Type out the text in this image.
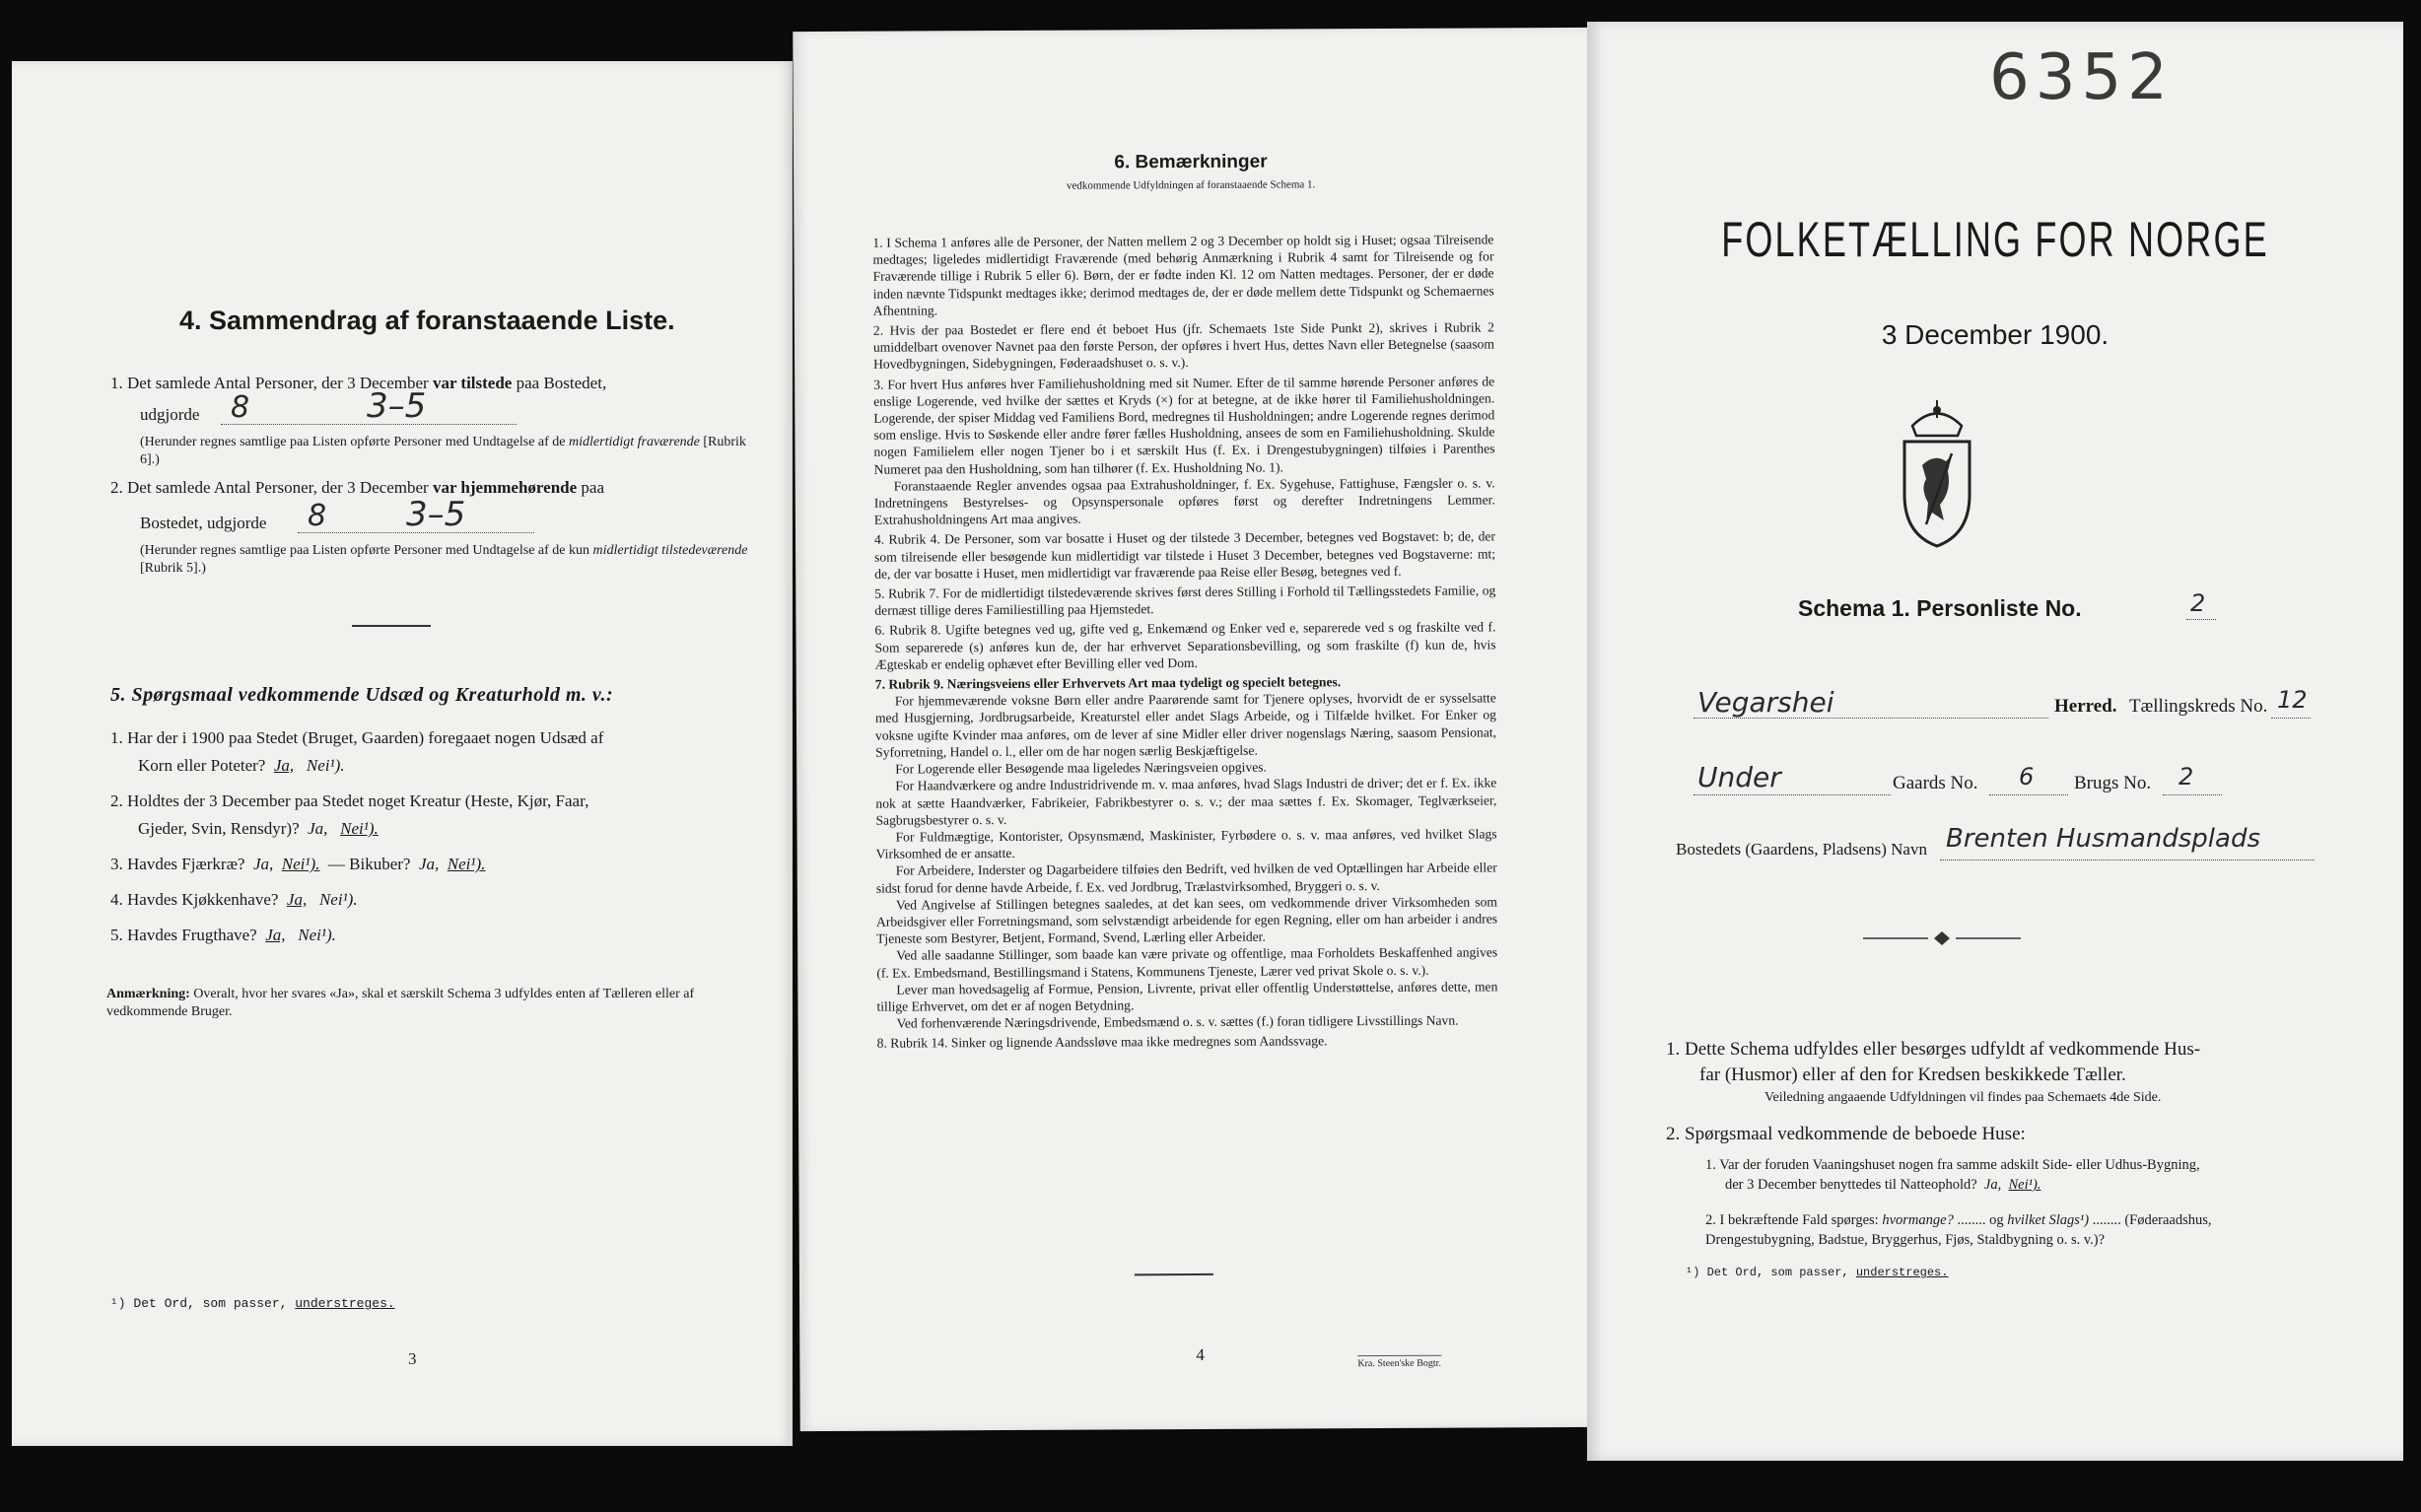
4. Sammendrag af foranstaaende Liste.
1. Det samlede Antal Personer, der 3 December var tilstede paa Bostedet,
udgjorde 8	3–5
(Herunder regnes samtlige paa Listen opførte Personer med Undtagelse af de midlertidigt fraværende [Rubrik 6].)
2. Det samlede Antal Personer, der 3 December var hjemmehørende paa
Bostedet, udgjorde 8 3–5
(Herunder regnes samtlige paa Listen opførte Personer med Undtagelse af de kun midlertidigt tilstedeværende [Rubrik 5].)
5. Spørgsmaal vedkommende Udsæd og Kreaturhold m. v.:
1. Har der i 1900 paa Stedet (Bruget, Gaarden) foregaaet nogen Udsæd af
Korn eller Poteter? Ja, Nei¹).
2. Holdtes der 3 December paa Stedet noget Kreatur (Heste, Kjør, Faar,
Gjeder, Svin, Rensdyr)? Ja, Nei¹).
3. Havdes Fjærkræ? Ja, Nei¹). — Bikuber? Ja, Nei¹).
4. Havdes Kjøkkenhave? Ja, Nei¹).
5. Havdes Frugthave? Ja, Nei¹).
Anmærkning: Overalt, hvor her svares «Ja», skal et særskilt Schema 3 udfyldes enten af Tælleren eller af vedkommende Bruger.
¹) Det Ord, som passer, understreges.
3
6. Bemærkninger
vedkommende Udfyldningen af foranstaaende Schema 1.

1. I Schema 1 anføres alle de Personer, der Natten mellem 2 og 3 December op holdt sig i Huset; ogsaa Tilreisende medtages; ligeledes midlertidigt Fraværende (med behørig Anmærkning i Rubrik 4 samt for Tilreisende og for Fraværende tillige i Rubrik 5 eller 6). Børn, der er fødte inden Kl. 12 om Natten medtages. Personer, der er døde inden nævnte Tidspunkt medtages ikke; derimod medtages de, der er døde mellem dette Tidspunkt og Schemaernes Afhentning.

2. Hvis der paa Bostedet er flere end ét beboet Hus (jfr. Schemaets 1ste Side Punkt 2), skrives i Rubrik 2 umiddelbart ovenover Navnet paa den første Person, der opføres i hvert Hus, dettes Navn eller Betegnelse (saasom Hovedbygningen, Sidebygningen, Føderaadshuset o. s. v.).

3. For hvert Hus anføres hver Familiehusholdning med sit Numer. Efter de til samme hørende Personer anføres de enslige Logerende, ved hvilke der sættes et Kryds (×) for at betegne, at de ikke hører til Familiehusholdningen. Logerende, der spiser Middag ved Familiens Bord, medregnes til Husholdningen; andre Logerende regnes derimod som enslige. Hvis to Søskende eller andre fører fælles Husholdning, ansees de som en Familiehusholdning. Skulde nogen Familielem eller nogen Tjener bo i et særskilt Hus (f. Ex. i Drengestubygningen) tilføies i Parenthes Numeret paa den Husholdning, som han tilhører (f. Ex. Husholdning No. 1).

Foranstaaende Regler anvendes ogsaa paa Extrahusholdninger, f. Ex. Sygehuse, Fattighuse, Fængsler o. s. v. Indretningens Bestyrelses- og Opsynspersonale opføres først og derefter Indretningens Lemmer. Extrahusholdningens Art maa angives.

4. Rubrik 4. De Personer, som var bosatte i Huset og der tilstede 3 December, betegnes ved Bogstavet: b; de, der som tilreisende eller besøgende kun midlertidigt var tilstede i Huset 3 December, betegnes ved Bogstaverne: mt; de, der var bosatte i Huset, men midlertidigt var fraværende paa Reise eller Besøg, betegnes ved f.

5. Rubrik 7. For de midlertidigt tilstedeværende skrives først deres Stilling i Forhold til Tællingsstedets Familie, og dernæst tillige deres Familiestilling paa Hjemstedet.

6. Rubrik 8. Ugifte betegnes ved ug, gifte ved g, Enkemænd og Enker ved e, separerede ved s og fraskilte ved f. Som separerede (s) anføres kun de, der har erhvervet Separationsbevilling, og som fraskilte (f) kun de, hvis Ægteskab er endelig ophævet efter Bevilling eller ved Dom.

7. Rubrik 9. Næringsveiens eller Erhvervets Art maa tydeligt og specielt betegnes.

For hjemmeværende voksne Børn eller andre Paarørende samt for Tjenere oplyses, hvorvidt de er sysselsatte med Husgjerning, Jordbrugsarbeide, Kreaturstel eller andet Slags Arbeide, og i Tilfælde hvilket. For Enker og voksne ugifte Kvinder maa anføres, om de lever af sine Midler eller driver nogenslags Næring, saasom Pensionat, Syforretning, Handel o. l., eller om de har nogen særlig Beskjæftigelse.

For Logerende eller Besøgende maa ligeledes Næringsveien opgives.

For Haandværkere og andre Industridrivende m. v. maa anføres, hvad Slags Industri de driver; det er f. Ex. ikke nok at sætte Haandværker, Fabrikeier, Fabrikbestyrer o. s. v.; der maa sættes f. Ex. Skomager, Teglværkseier, Sagbrugsbestyrer o. s. v.

For Fuldmægtige, Kontorister, Opsynsmænd, Maskinister, Fyrbødere o. s. v. maa anføres, ved hvilket Slags Virksomhed de er ansatte.

For Arbeidere, Inderster og Dagarbeidere tilføies den Bedrift, ved hvilken de ved Optællingen har Arbeide eller sidst forud for denne havde Arbeide, f. Ex. ved Jordbrug, Trælastvirksomhed, Bryggeri o. s. v.

Ved Angivelse af Stillingen betegnes saaledes, at det kan sees, om vedkommende driver Virksomheden som Arbeidsgiver eller Forretningsmand, som selvstændigt arbeidende for egen Regning, eller om han arbeider i andres Tjeneste som Bestyrer, Betjent, Formand, Svend, Lærling eller Arbeider.

Ved alle saadanne Stillinger, som baade kan være private og offentlige, maa Forholdets Beskaffenhed angives (f. Ex. Embedsmand, Bestillingsmand i Statens, Kommunens Tjeneste, Lærer ved privat Skole o. s. v.).

Lever man hovedsagelig af Formue, Pension, Livrente, privat eller offentlig Understøttelse, anføres dette, men tillige Erhvervet, om det er af nogen Betydning.

Ved forhenværende Næringsdrivende, Embedsmænd o. s. v. sættes (f.) foran tidligere Livsstillings Navn.

8. Rubrik 14. Sinker og lignende Aandssløve maa ikke medregnes som Aandssvage.

4	Kra. Steen'ske Bogtr.
6352
FOLKETÆLLING FOR NORGE
3 December 1900.
Schema 1. Personliste No.	2
Vegarshei	Herred. Tællingskreds No. 12
Under	Gaards No. 6 Brugs No. 2
Bostedets (Gaardens, Pladsens) Navn Brenten Husmandsplads
1. Dette Schema udfyldes eller besørges udfyldt af vedkommende Hus-
far (Husmor) eller af den for Kredsen beskikkede Tæller.
Veiledning angaaende Udfyldningen vil findes paa Schemaets 4de Side.
2. Spørgsmaal vedkommende de beboede Huse:
1. Var der foruden Vaaningshuset nogen fra samme adskilt Side- eller Udhus-Bygning,
der 3 December benyttedes til Natteophold? Ja, Nei¹).
2. I bekræftende Fald spørges: hvormange? ........ og hvilket Slags¹) ........ (Føderaadshus,
Drengestubygning, Badstue, Bryggerhus, Fjøs, Staldbygning o. s. v.)?
¹) Det Ord, som passer, understreges.
